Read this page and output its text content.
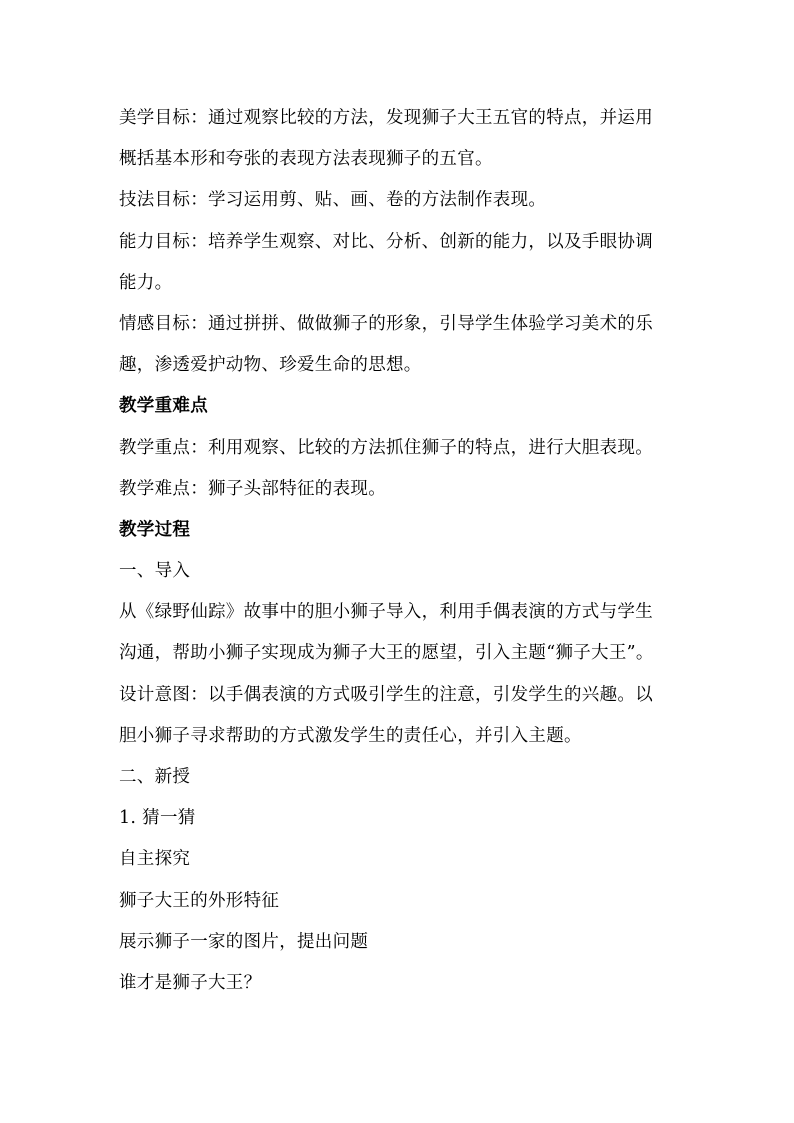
美学目标：通过观察比较的方法，发现狮子大王五官的特点，并运用
概括基本形和夸张的表现方法表现狮子的五官。
技法目标：学习运用剪、贴、画、卷的方法制作表现。
能力目标：培养学生观察、对比、分析、创新的能力，以及手眼协调
能力。
情感目标：通过拼拼、做做狮子的形象，引导学生体验学习美术的乐
趣，渗透爱护动物、珍爱生命的思想。
教学重难点
教学重点：利用观察、比较的方法抓住狮子的特点，进行大胆表现。
教学难点：狮子头部特征的表现。
教学过程
一、导入
从《绿野仙踪》故事中的胆小狮子导入，利用手偶表演的方式与学生
沟通，帮助小狮子实现成为狮子大王的愿望，引入主题“狮子大王”。
设计意图：以手偶表演的方式吸引学生的注意，引发学生的兴趣。以
胆小狮子寻求帮助的方式激发学生的责任心，并引入主题。
二、新授
1. 猜一猜
自主探究
狮子大王的外形特征
展示狮子一家的图片，提出问题
谁才是狮子大王？
